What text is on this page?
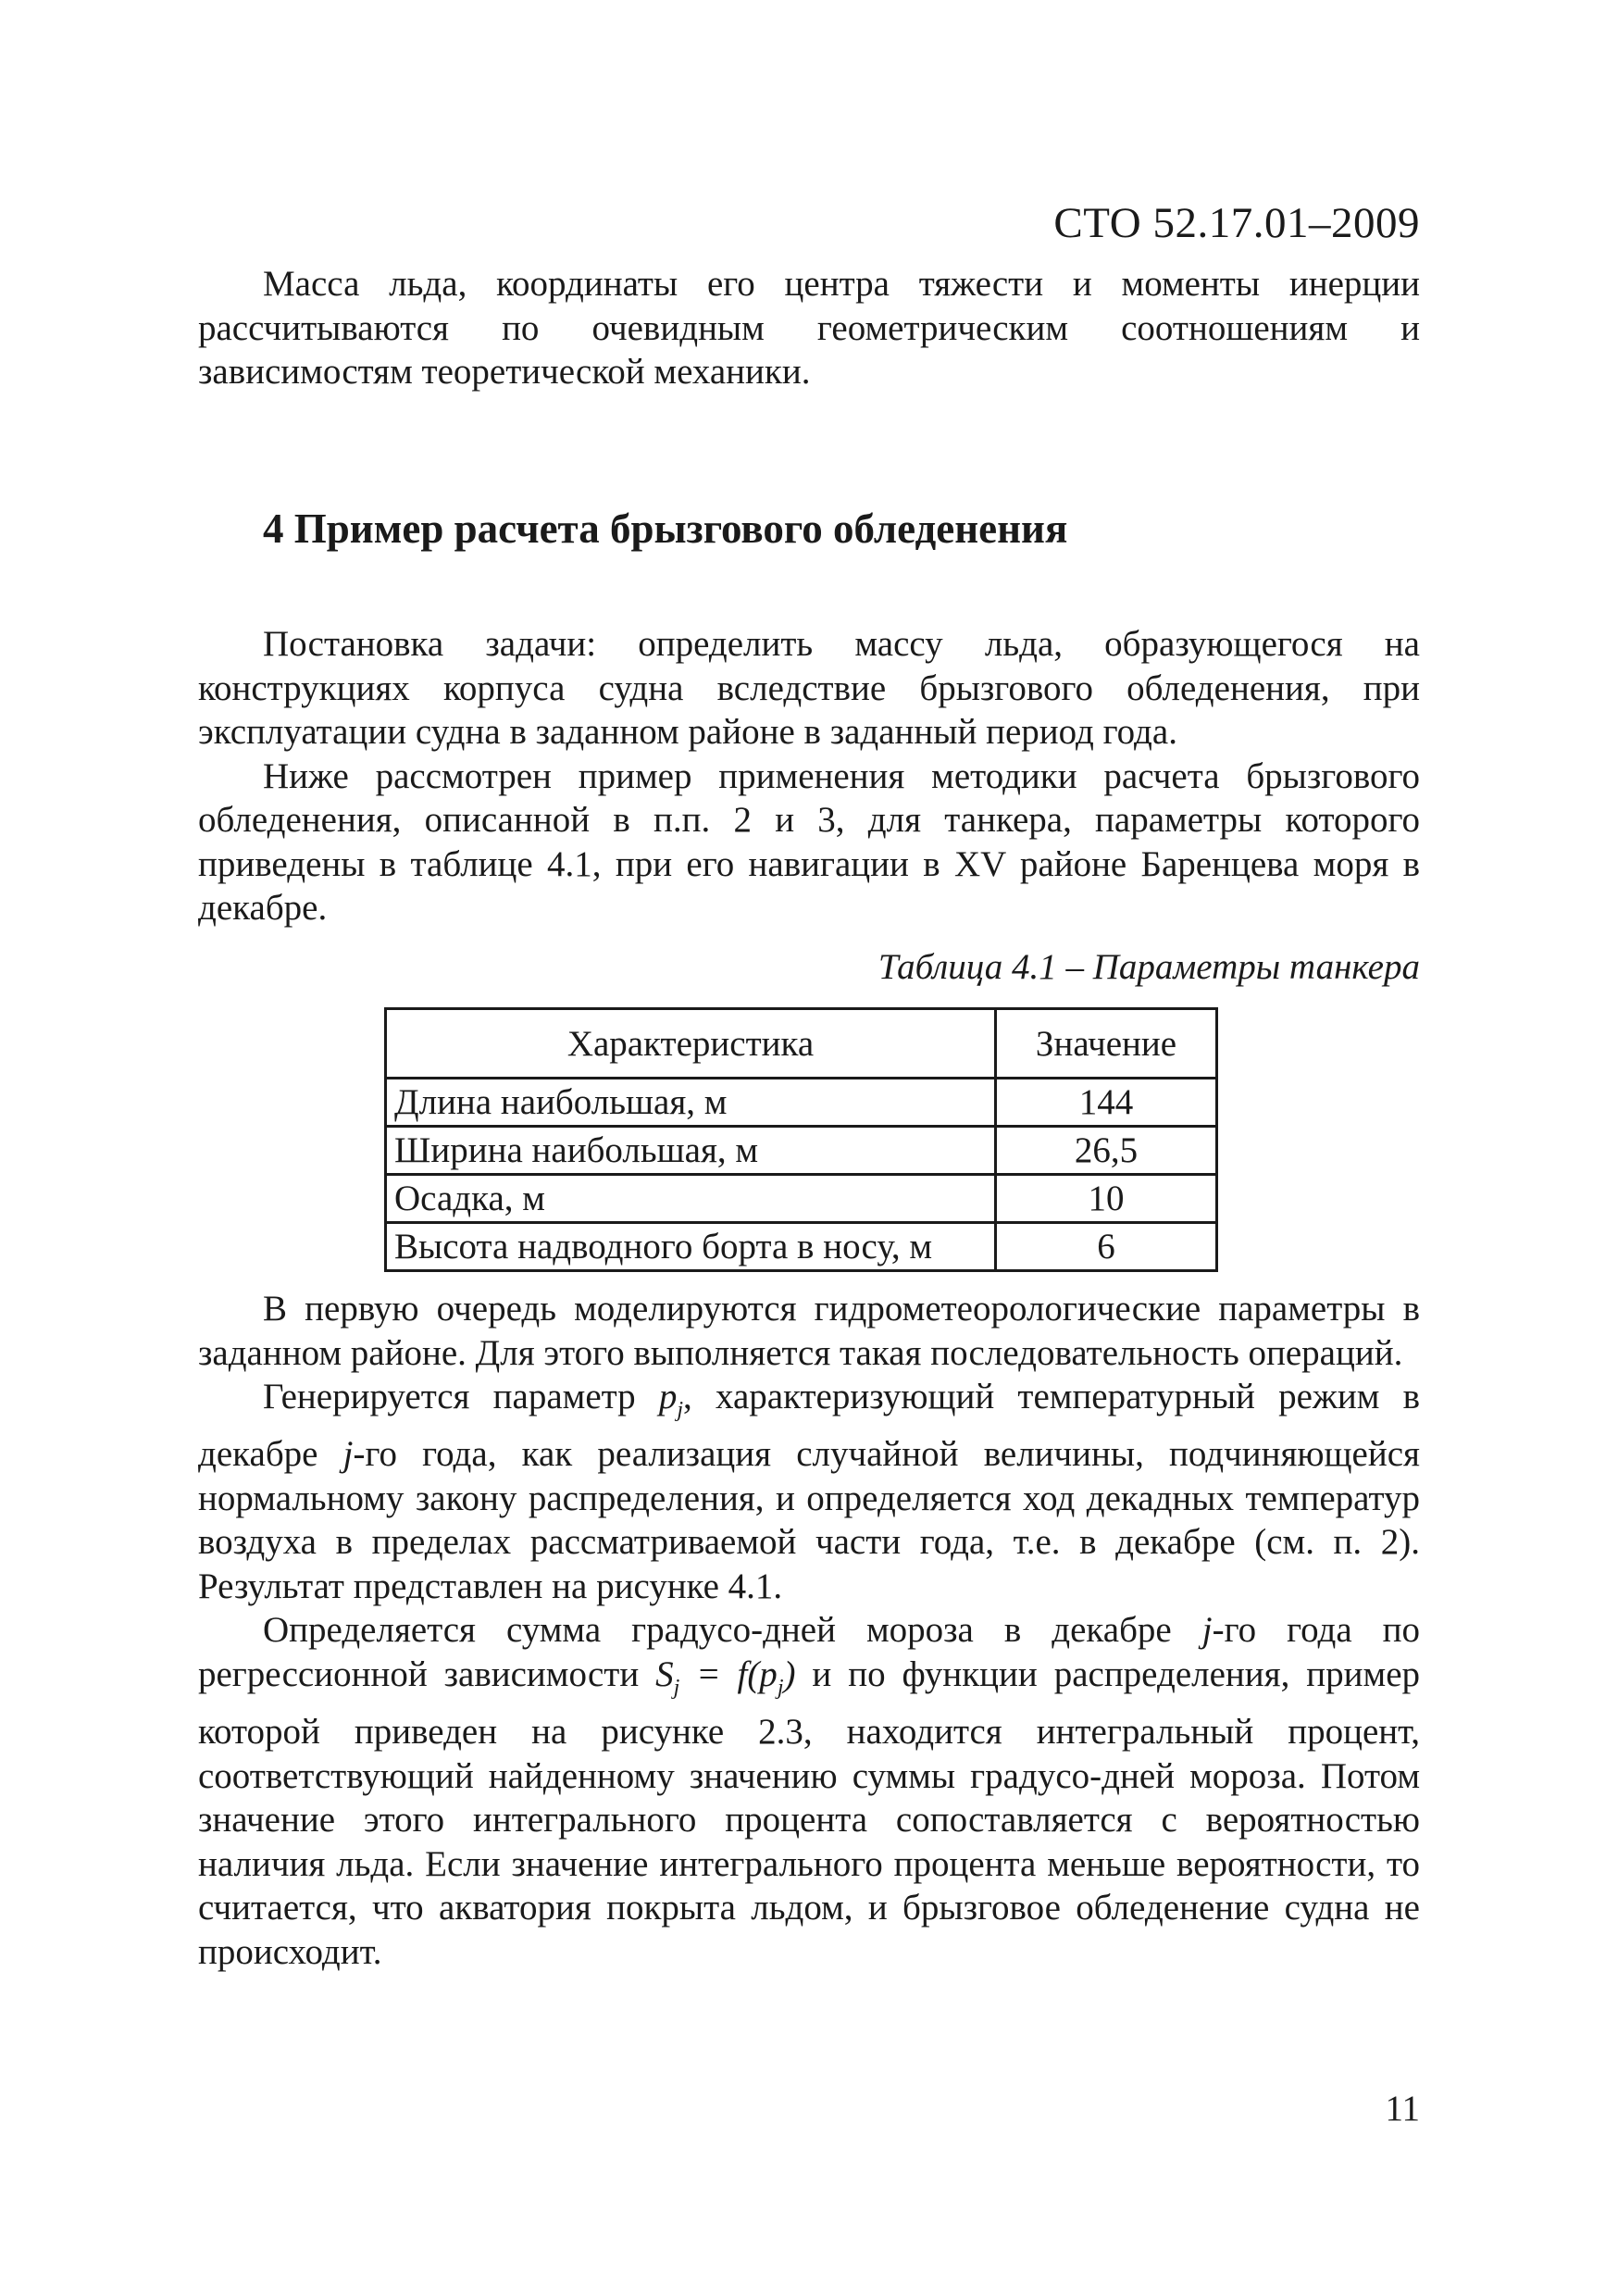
СТО 52.17.01–2009

Масса льда, координаты его центра тяжести и моменты инерции рассчитываются по очевидным геометрическим соотношениям и зависимостям теоретической механики.

4 Пример расчета брызгового обледенения

Постановка задачи: определить массу льда, образующегося на конструкциях корпуса судна вследствие брызгового обледенения, при эксплуатации судна в заданном районе в заданный период года.

Ниже рассмотрен пример применения методики расчета брызгового обледенения, описанной в п.п. 2 и 3, для танкера, параметры которого приведены в таблице 4.1, при его навигации в XV районе Баренцева моря в декабре.

Таблица 4.1 – Параметры танкера
Характеристика	Значение
Длина наибольшая, м	144
Ширина наибольшая, м	26,5
Осадка, м	10
Высота надводного борта в носу, м	6

В первую очередь моделируются гидрометеорологические параметры в заданном районе. Для этого выполняется такая последовательность операций.

Генерируется параметр $p_j$, характеризующий температурный режим в декабре j-го года, как реализация случайной величины, подчиняющейся нормальному закону распределения, и определяется ход декадных температур воздуха в пределах рассматриваемой части года, т.е. в декабре (см. п. 2). Результат представлен на рисунке 4.1.

Определяется сумма градусо-дней мороза в декабре j-го года по регрессионной зависимости $S_j = f(p_j)$ и по функции распределения, пример которой приведен на рисунке 2.3, находится интегральный процент, соответствующий найденному значению суммы градусо-дней мороза. Потом значение этого интегрального процента сопоставляется с вероятностью наличия льда. Если значение интегрального процента меньше вероятности, то считается, что акватория покрыта льдом, и брызговое обледенение судна не происходит.

11
